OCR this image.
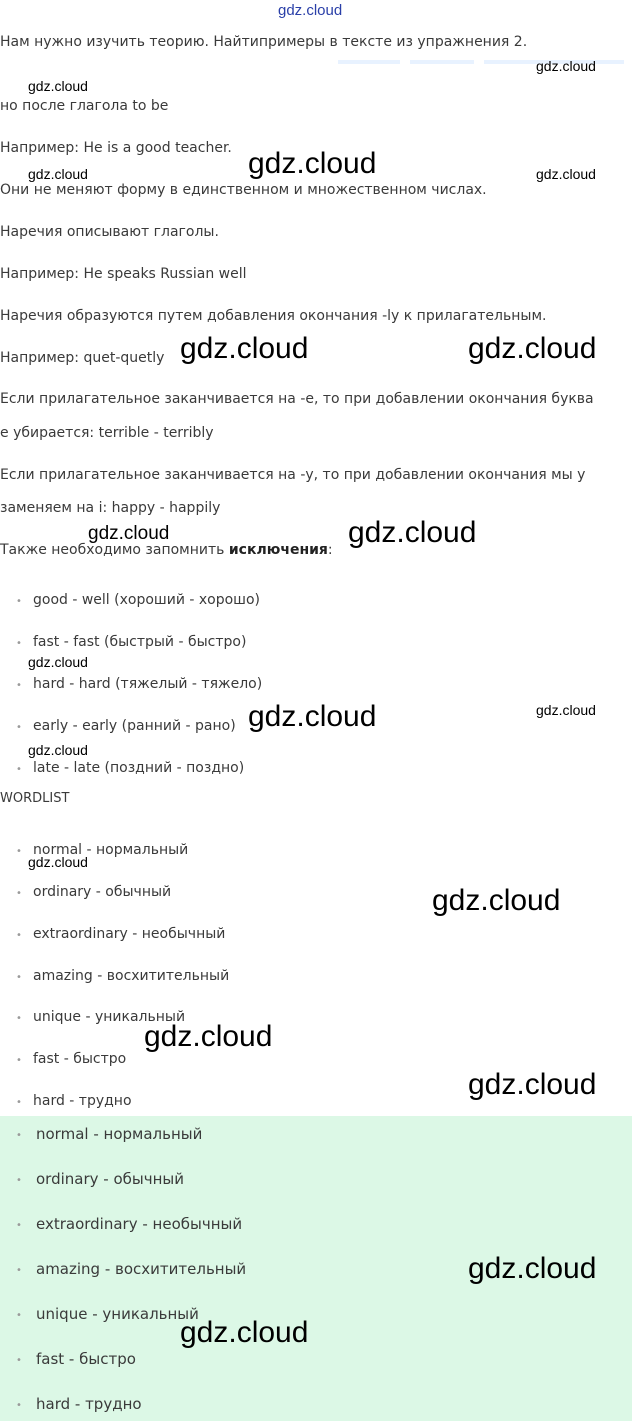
gdz.cloud
Нам нужно изучить теорию. Найтипримеры в тексте из упражнения 2.
но после глагола to be
Например: He is a good teacher.
Они не меняют форму в единственном и множественном числах.
Наречия описывают глаголы.
Например: He speaks Russian well
Наречия образуются путем добавления окончания -ly к прилагательным.
Например: quet-quetly
Если прилагательное заканчивается на -e, то при добавлении окончания буква
e убирается: terrible - terribly
Если прилагательное заканчивается на -y, то при добавлении окончания мы y
заменяем на i: happy - happily
Также необходимо запомнить исключения:
• good - well (хороший - хорошо)
• fast - fast (быстрый - быстро)
• hard - hard (тяжелый - тяжело)
• early - early (ранний - рано)
• late - late (поздний - поздно)
WORDLIST
• normal - нормальный
• ordinary - обычный
• extraordinary - необычный
• amazing - восхитительный
• unique - уникальный
• fast - быстро
• hard - трудно
• normal - нормальный
• ordinary - обычный
• extraordinary - необычный
• amazing - восхитительный
• unique - уникальный
• fast - быстро
• hard - трудно
gdz.cloud
gdz.cloud
gdz.cloud
gdz.cloud	gdz.cloud
gdz.cloud	gdz.cloud
gdz.cloud	gdz.cloud
gdz.cloud
gdz.cloud	gdz.cloud
gdz.cloud
gdz.cloud
gdz.cloud
gdz.cloud
gdz.cloud
gdz.cloud
gdz.cloud
